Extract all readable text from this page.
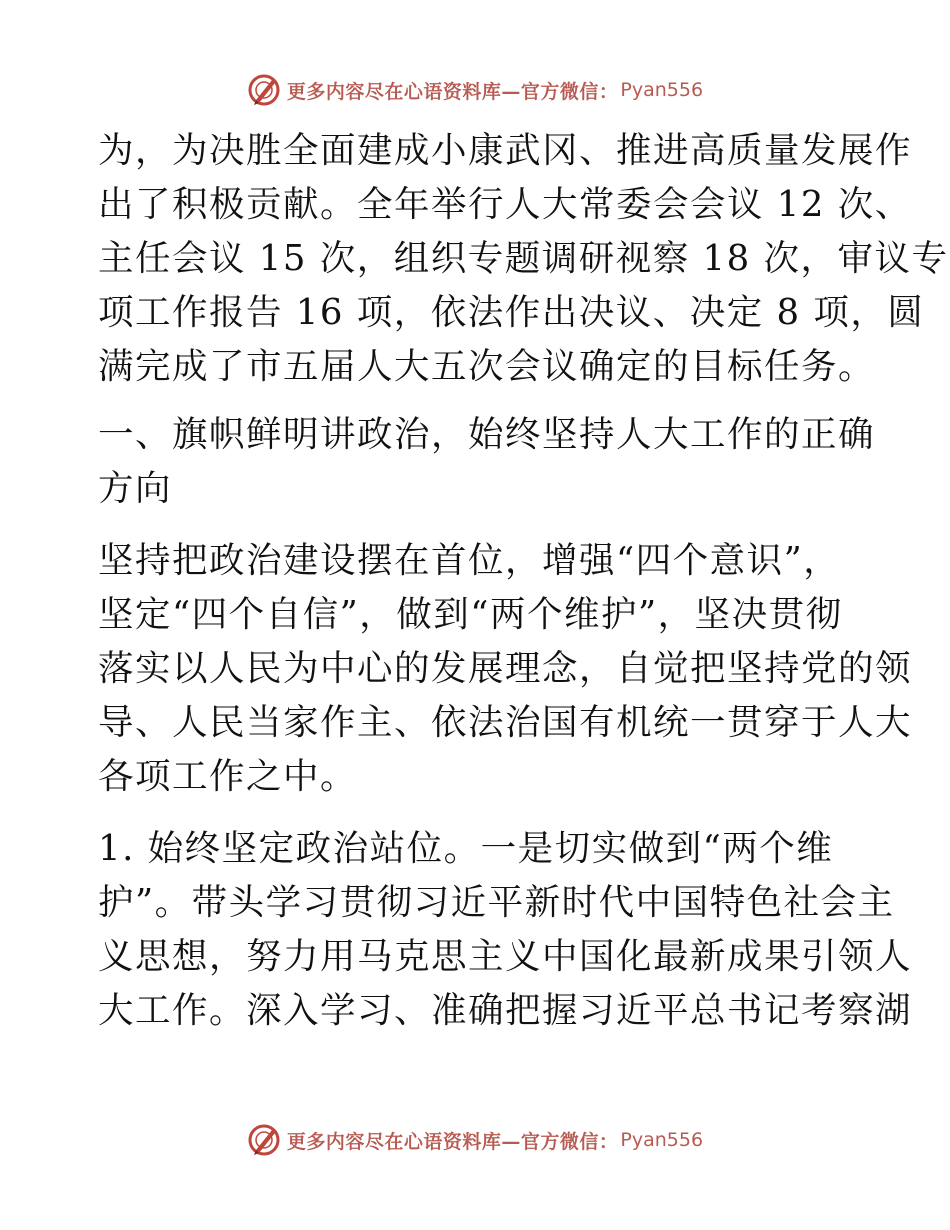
更多内容尽在心语资料库—官方微信： Pyan556

为，为决胜全面建成小康武冈、推进高质量发展作
出了积极贡献。全年举行人大常委会会议 12 次、
主任会议 15 次，组织专题调研视察 18 次，审议专
项工作报告 16 项，依法作出决议、决定 8 项，圆
满完成了市五届人大五次会议确定的目标任务。

一、旗帜鲜明讲政治，始终坚持人大工作的正确
方向

坚持把政治建设摆在首位，增强“四个意识”，
坚定“四个自信”，做到“两个维护”，坚决贯彻
落实以人民为中心的发展理念，自觉把坚持党的领
导、人民当家作主、依法治国有机统一贯穿于人大
各项工作之中。

1. 始终坚定政治站位。一是切实做到“两个维
护”。带头学习贯彻习近平新时代中国特色社会主
义思想，努力用马克思主义中国化最新成果引领人
大工作。深入学习、准确把握习近平总书记考察湖

更多内容尽在心语资料库—官方微信： Pyan556
